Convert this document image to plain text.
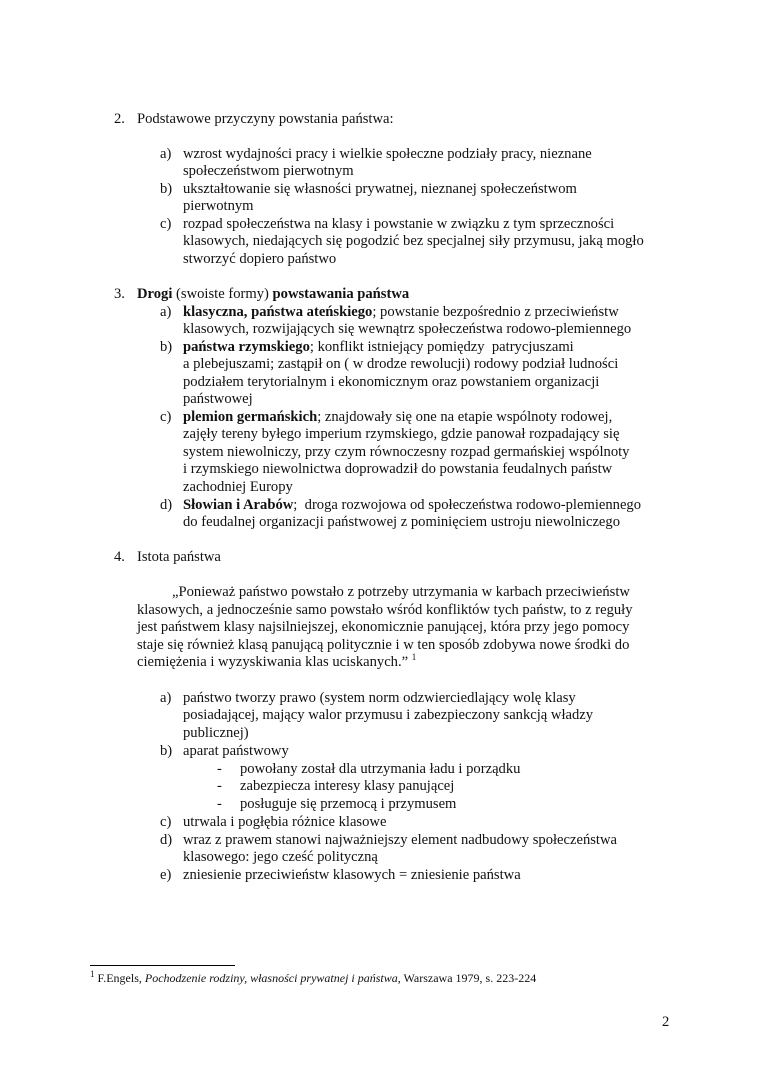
2. Podstawowe przyczyny powstania państwa:
a) wzrost wydajności pracy i wielkie społeczne podziały pracy, nieznane
społeczeństwom pierwotnym
b) ukształtowanie się własności prywatnej, nieznanej społeczeństwom
pierwotnym
c) rozpad społeczeństwa na klasy i powstanie w związku z tym sprzeczności
klasowych, niedających się pogodzić bez specjalnej siły przymusu, jaką mogło
stworzyć dopiero państwo
3. Drogi (swoiste formy) powstawania państwa
a) klasyczna, państwa ateńskiego; powstanie bezpośrednio z przeciwieństw
klasowych, rozwijających się wewnątrz społeczeństwa rodowo-plemiennego
b) państwa rzymskiego; konflikt istniejący pomiędzy  patrycjuszami
a plebejuszami; zastąpił on ( w drodze rewolucji) rodowy podział ludności
podziałem terytorialnym i ekonomicznym oraz powstaniem organizacji
państwowej
c) plemion germańskich; znajdowały się one na etapie wspólnoty rodowej,
zajęły tereny byłego imperium rzymskiego, gdzie panował rozpadający się
system niewolniczy, przy czym równoczesny rozpad germańskiej wspólnoty
i rzymskiego niewolnictwa doprowadził do powstania feudalnych państw
zachodniej Europy
d) Słowian i Arabów;  droga rozwojowa od społeczeństwa rodowo-plemiennego
do feudalnej organizacji państwowej z pominięciem ustroju niewolniczego
4. Istota państwa
„Ponieważ państwo powstało z potrzeby utrzymania w karbach przeciwieństw
klasowych, a jednocześnie samo powstało wśród konfliktów tych państw, to z reguły
jest państwem klasy najsilniejszej, ekonomicznie panującej, która przy jego pomocy
staje się również klasą panującą politycznie i w ten sposób zdobywa nowe środki do
ciemiężenia i wyzyskiwania klas uciskanych.” $^1$
a) państwo tworzy prawo (system norm odzwierciedlający wolę klasy
posiadającej, mający walor przymusu i zabezpieczony sankcją władzy
publicznej)
b) aparat państwowy
- powołany został dla utrzymania ładu i porządku
- zabezpiecza interesy klasy panującej
- posługuje się przemocą i przymusem
c) utrwala i pogłębia różnice klasowe
d) wraz z prawem stanowi najważniejszy element nadbudowy społeczeństwa
klasowego: jego cześć polityczną
e) zniesienie przeciwieństw klasowych = zniesienie państwa
$^1$ F.Engels, Pochodzenie rodziny, własności prywatnej i państwa, Warszawa 1979, s. 223-224
2
